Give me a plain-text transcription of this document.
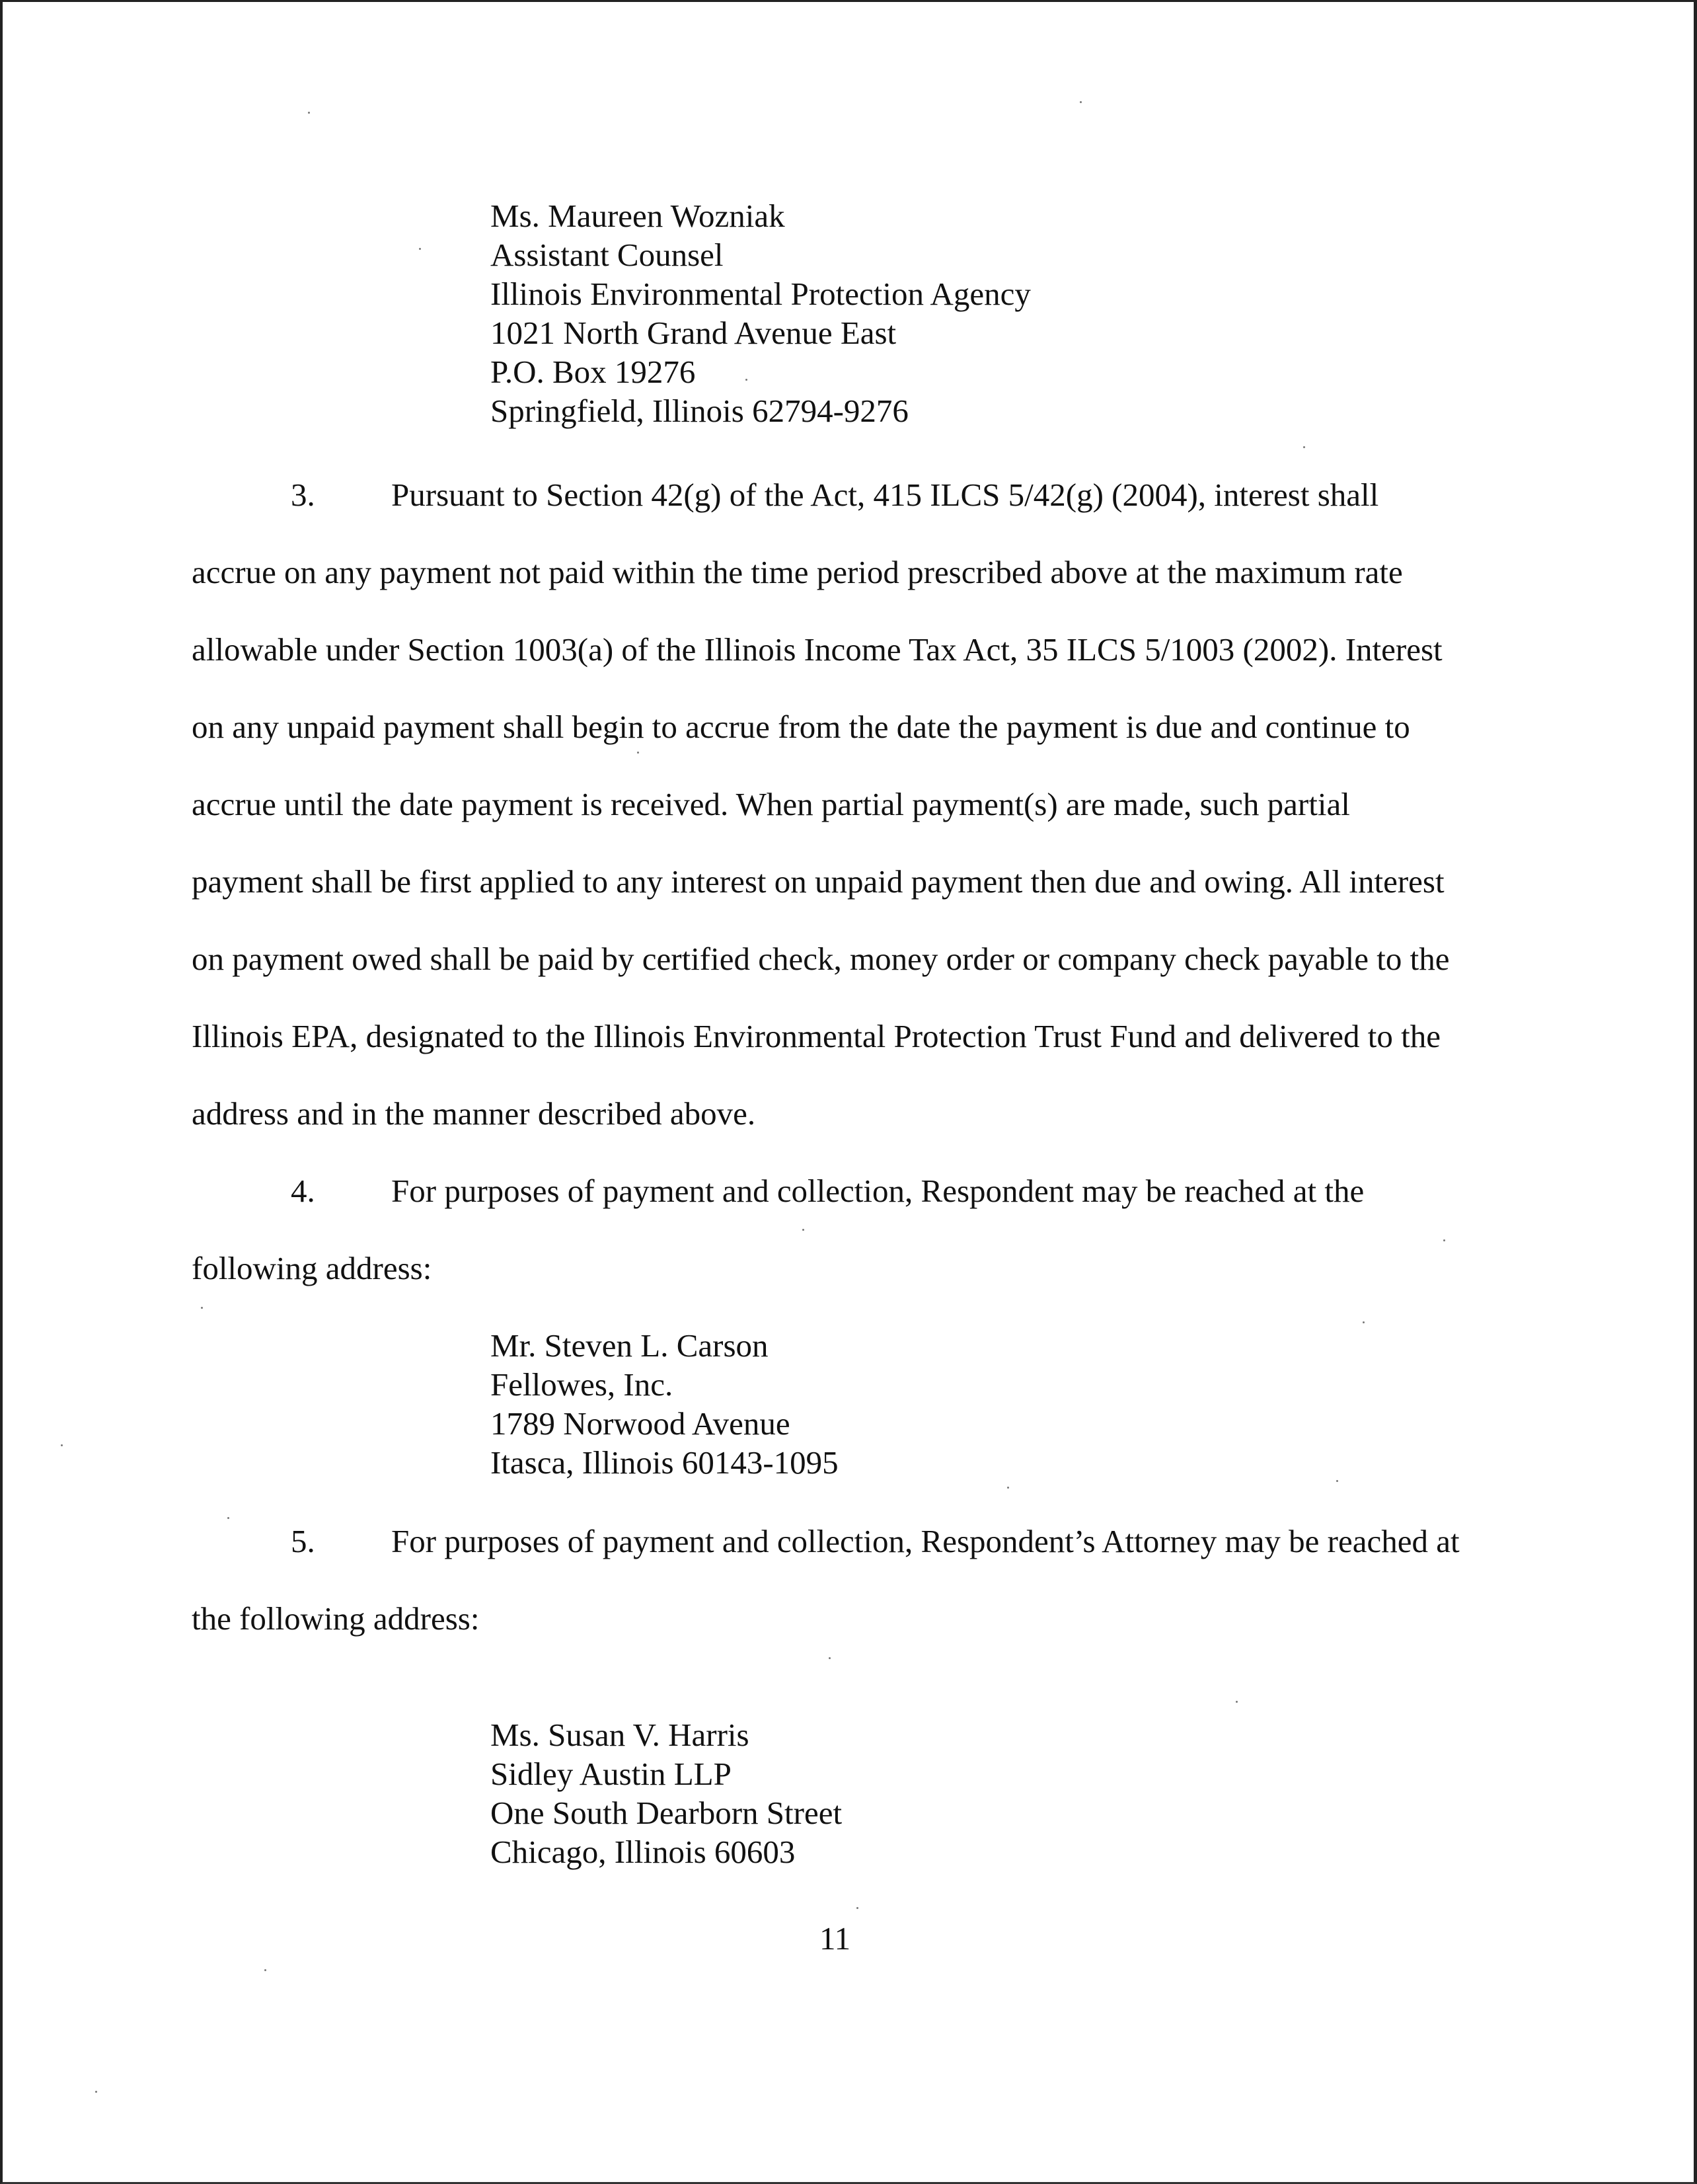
Ms. Maureen Wozniak
Assistant Counsel
Illinois Environmental Protection Agency
1021 North Grand Avenue East
P.O. Box 19276
Springfield, Illinois 62794-9276
3. Pursuant to Section 42(g) of the Act, 415 ILCS 5/42(g) (2004), interest shall
accrue on any payment not paid within the time period prescribed above at the maximum rate
allowable under Section 1003(a) of the Illinois Income Tax Act, 35 ILCS 5/1003 (2002). Interest
on any unpaid payment shall begin to accrue from the date the payment is due and continue to
accrue until the date payment is received. When partial payment(s) are made, such partial
payment shall be first applied to any interest on unpaid payment then due and owing. All interest
on payment owed shall be paid by certified check, money order or company check payable to the
Illinois EPA, designated to the Illinois Environmental Protection Trust Fund and delivered to the
address and in the manner described above.
4. For purposes of payment and collection, Respondent may be reached at the
following address:
Mr. Steven L. Carson
Fellowes, Inc.
1789 Norwood Avenue
Itasca, Illinois 60143-1095
5. For purposes of payment and collection, Respondent’s Attorney may be reached at
the following address:
Ms. Susan V. Harris
Sidley Austin LLP
One South Dearborn Street
Chicago, Illinois 60603
11
